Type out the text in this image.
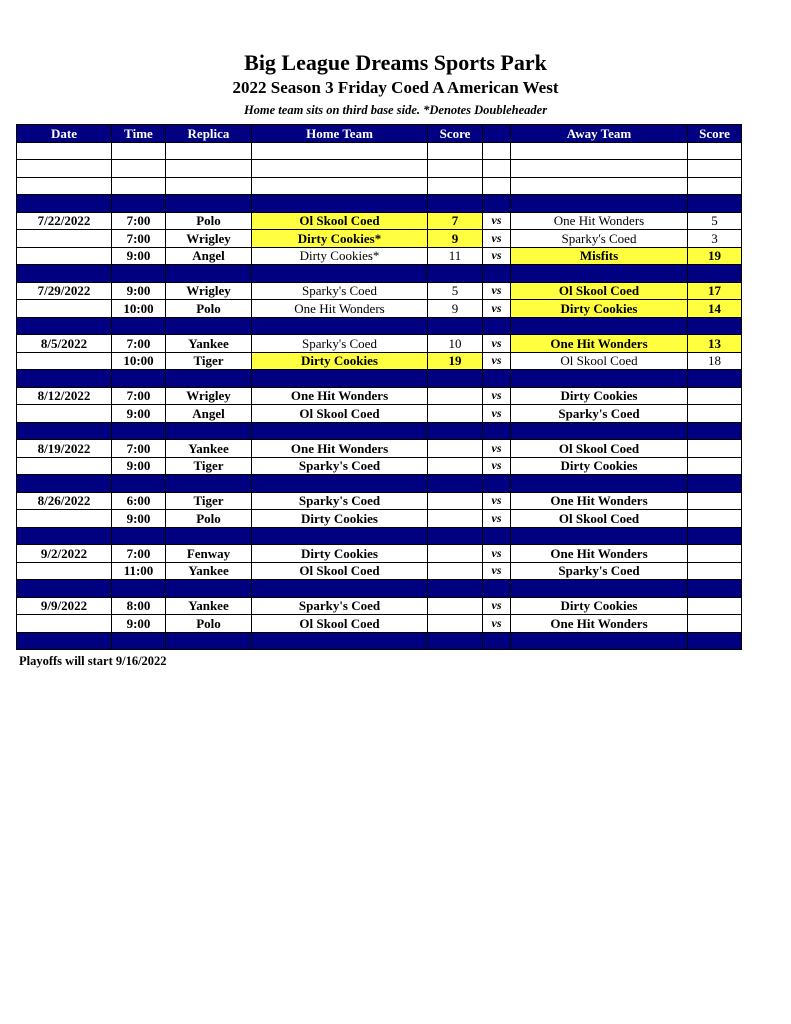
Big League Dreams Sports Park
2022 Season 3 Friday Coed A American West
Home team sits on third base side. *Denotes Doubleheader
Date	Time	Replica	Home Team	Score		Away Team	Score

7/22/2022	7:00	Polo	Ol Skool Coed	7	vs	One Hit Wonders	5
	7:00	Wrigley	Dirty Cookies*	9	vs	Sparky's Coed	3
	9:00	Angel	Dirty Cookies*	11	vs	Misfits	19

7/29/2022	9:00	Wrigley	Sparky's Coed	5	vs	Ol Skool Coed	17
	10:00	Polo	One Hit Wonders	9	vs	Dirty Cookies	14

8/5/2022	7:00	Yankee	Sparky's Coed	10	vs	One Hit Wonders	13
	10:00	Tiger	Dirty Cookies	19	vs	Ol Skool Coed	18

8/12/2022	7:00	Wrigley	One Hit Wonders		vs	Dirty Cookies	
	9:00	Angel	Ol Skool Coed		vs	Sparky's Coed	

8/19/2022	7:00	Yankee	One Hit Wonders		vs	Ol Skool Coed	
	9:00	Tiger	Sparky's Coed		vs	Dirty Cookies	

8/26/2022	6:00	Tiger	Sparky's Coed		vs	One Hit Wonders	
	9:00	Polo	Dirty Cookies		vs	Ol Skool Coed	

9/2/2022	7:00	Fenway	Dirty Cookies		vs	One Hit Wonders	
	11:00	Yankee	Ol Skool Coed		vs	Sparky's Coed	

9/9/2022	8:00	Yankee	Sparky's Coed		vs	Dirty Cookies	
	9:00	Polo	Ol Skool Coed		vs	One Hit Wonders	

Playoffs will start 9/16/2022
